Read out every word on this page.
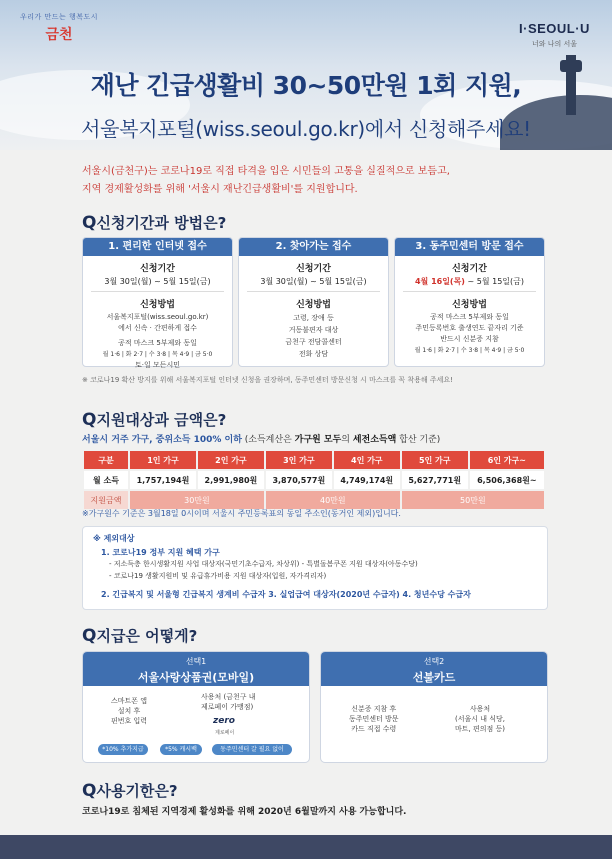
우리가 만드는 행복도시
금천	I·SEOUL·U
너와 나의 서울
재난 긴급생활비 30~50만원 1회 지원,
서울복지포털(wiss.seoul.go.kr)에서 신청해주세요!
서울시(금천구)는 코로나19로 직접 타격을 입은 시민들의 고통을 실질적으로 보듬고,
지역 경제활성화를 위해 '서울시 재난긴급생활비'를 지원합니다.
Q신청기간과 방법은?
1. 편리한 인터넷 접수
신청기간
3월 30일(월) ~ 5월 15일(금)
신청방법
서울복지포털(wiss.seoul.go.kr)
에서 신속 · 간편하게 접수
공적 마스크 5부제와 동일
월 1·6 | 화 2·7 | 수 3·8 | 목 4·9 | 금 5·0
토·일 모든시민
2. 찾아가는 접수
신청기간
3월 30일(월) ~ 5월 15일(금)
신청방법
고령, 장애 등
거동불편자 대상
금천구 전담콜센터
전화 상담
3. 동주민센터 방문 접수
신청기간
4월 16일(목) ~ 5월 15일(금)
신청방법
공적 마스크 5부제와 동일
주민등록번호 출생연도 끝자리 기준
반드시 신분증 지참
월 1·6 | 화 2·7 | 수 3·8 | 목 4·9 | 금 5·0
※ 코로나19 확산 방지를 위해 서울복지포털 인터넷 신청을 권장하며, 동주민센터 방문신청 시 마스크를 꼭 착용해 주세요!
Q지원대상과 금액은?
서울시 거주 가구, 중위소득 100% 이하 (소득계산은 가구원 모두의 세전소득액 합산 기준)
구분	1인 가구	2인 가구	3인 가구	4인 가구	5인 가구	6인 가구~
월 소득	1,757,194원	2,991,980원	3,870,577원	4,749,174원	5,627,771원	6,506,368원~
지원금액	30만원		40만원		50만원	
※가구원수 기준은 3월18일 0시이며 서울시 주민등록표의 동일 주소인(동거인 제외)입니다.
※ 제외대상
1. 코로나19 정부 지원 혜택 가구
- 저소득층 한시생활지원 사업 대상자(국민기초수급자, 차상위) - 특별돌봄쿠폰 지원 대상자(아동수당)
- 코로나19 생활지원비 및 유급휴가비용 지원 대상자(입원, 자가격리자)
2. 긴급복지 및 서울형 긴급복지 생계비 수급자 3. 실업급여 대상자(2020년 수급자) 4. 청년수당 수급자
Q지급은 어떻게?
선택1
서울사랑상품권(모바일)
스마트폰 앱
설치 후
핀번호 입력
사용처 (금천구 내
제로페이 가맹점)
zero
제로페이
*10% 추가지급	*5% 캐시백	동주민센터 갈 필요 없이
선택2
선불카드
신분증 지참 후
동주민센터 방문
카드 직접 수령
사용처
(서울시 내 식당,
마트, 편의점 등)
Q사용기한은?
코로나19로 침체된 지역경제 활성화를 위해 2020년 6월말까지 사용 가능합니다.
